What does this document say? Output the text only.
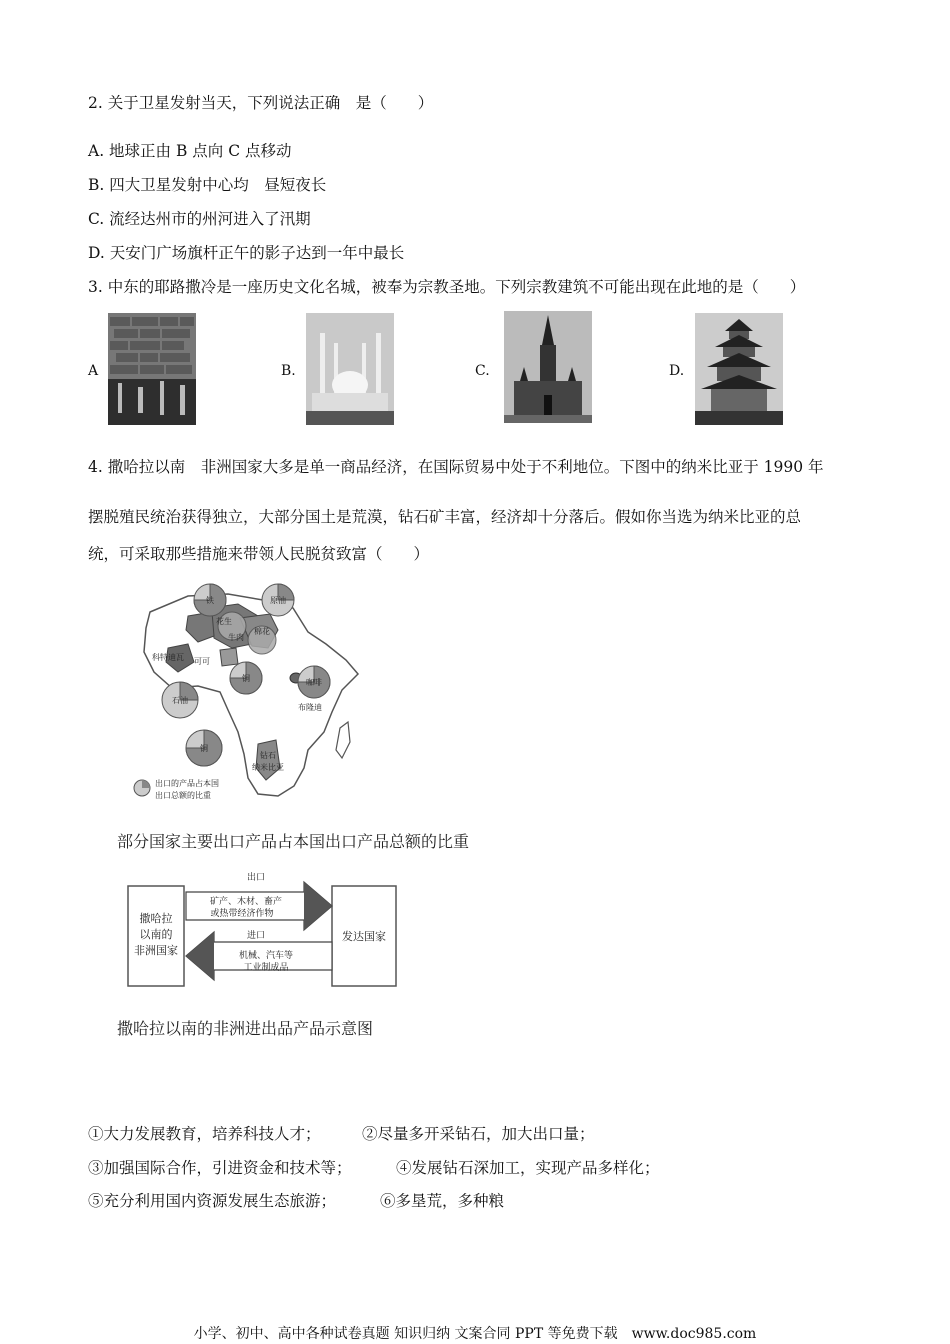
2. 关于卫星发射当天，下列说法正确　是（　　）
A. 地球正由 B 点向 C 点移动
B. 四大卫星发射中心均　昼短夜长
C. 流经达州市的州河进入了汛期
D. 天安门广场旗杆正午的影子达到一年中最长
3. 中东的耶路撒冷是一座历史文化名城，被奉为宗教圣地。下列宗教建筑不可能出现在此地的是（　　）
A	B.	C.	D.
4. 撒哈拉以南　非洲国家大多是单一商品经济，在国际贸易中处于不利地位。下图中的纳米比亚于 1990 年
摆脱殖民统治获得独立，大部分国土是荒漠，钻石矿丰富，经济却十分落后。假如你当选为纳米比亚的总
统，可采取那些措施来带领人民脱贫致富（　　）
铁	原油
花生
棉花
牛肉
科特迪瓦
石油
铜	咖啡
布隆迪
铜
钻石
纳米比亚
可可
出口的产品占本国
出口总额的比重
部分国家主要出口产品占本国出口产品总额的比重
撒哈拉
以南的
非洲国家
发达国家
出口
矿产、木材、畜产
或热带经济作物
进口
机械、汽车等
工业制成品
撒哈拉以南的非洲进出品产品示意图
①大力发展教育，培养科技人才；	②尽量多开采钻石，加大出口量；
③加强国际合作，引进资金和技术等；	④发展钻石深加工，实现产品多样化；
⑤充分利用国内资源发展生态旅游；	⑥多垦荒，多种粮
小学、初中、高中各种试卷真题 知识归纳 文案合同 PPT 等免费下载　www.doc985.com
